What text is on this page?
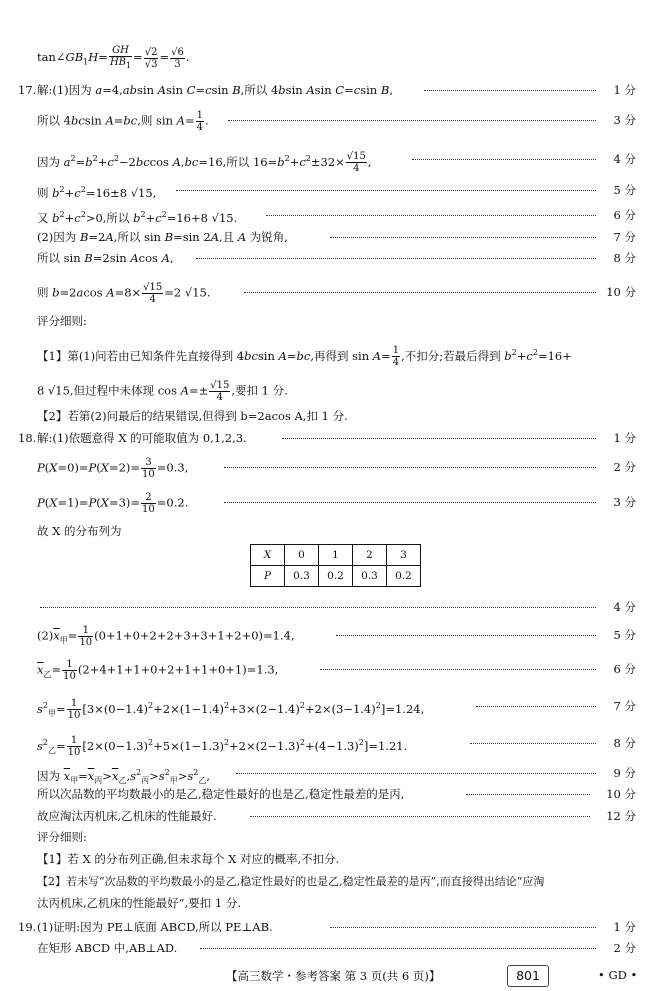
$\tan\angle GB_1H= \frac{GH}{HB_1} = \frac{√2}{√3} = \frac{√6}{3}$ .
17. 解:(1)因为 a=4,absin Asin C=csin B,所以 4bsin Asin C=csin B,	1 分
所以 4bcsin A=bc,则 $\sin A= \frac{1}{4}$ .	3 分
因为 $a^2=b^2+c^2-2bccos$ A,bc=16,所以 $16=b^2+c^2\pm 32\times \frac{√15}{4}$ ,	4 分
则 $b^2+c^2=16\pm 8$ √15,	5 分
又 $b^2+c^2>0$,所以 $b^2+c^2=16+8$ √15.	6 分
(2)因为 B=2A,所以 sin B=sin 2A,且 A 为锐角,	7 分
所以 sin B=2sin Acos A,	8 分
则 b=2acos $A=8\times \frac{√15}{4} =2$ √15.	10 分
评分细则:
【1】第(1)问若由已知条件先直接得到 4bcsin A=bc,再得到 $\sin A= \frac{1}{4}$ ,不扣分;若最后得到 $b^2+c^2=16+$
8 √15,但过程中未体现 $\cos A=\pm \frac{√15}{4}$ ,要扣 1 分.
【2】若第(2)问最后的结果错误,但得到 b=2acos A,扣 1 分.
18. 解:(1)依题意得 X 的可能取值为 0,1,2,3.	1 分
$P(X=0)=P(X=2)= \frac{3}{10} =0.3$,	2 分
$P(X=1)=P(X=3)= \frac{2}{10} =0.2$.	3 分
故 X 的分布列为
X	0	1	2	3
P	0.3	0.2	0.3	0.2
4 分
$(2)\overline{x}_甲= \frac{1}{10} (0+1+0+2+2+3+3+1+2+0)=1.4$,	5 分
$\overline{x}_乙= \frac{1}{10} (2+4+1+1+0+2+1+1+0+1)=1.3$,	6 分
$s^2_甲= \frac{1}{10} [3\times(0-1.4)^2+2\times(1-1.4)^2+3\times(2-1.4)^2+2\times(3-1.4)^2]=1.24$,	7 分
$s^2_乙= \frac{1}{10} [2\times(0-1.3)^2+5\times(1-1.3)^2+2\times(2-1.3)^2+(4-1.3)^2]=1.21$.	8 分
因为 $\overline{x}_甲=\overline{x}_丙>\overline{x}_乙,s^2_丙>s^2_甲>s^2_乙$,	9 分
所以次品数的平均数最小的是乙,稳定性最好的也是乙,稳定性最差的是丙,	10 分
故应淘汰丙机床,乙机床的性能最好.	12 分
评分细则:
【1】若 X 的分布列正确,但未求每个 X 对应的概率,不扣分.
【2】若未写“次品数的平均数最小的是乙,稳定性最好的也是乙,稳定性最差的是丙”,而直接得出结论“应淘
汰丙机床,乙机床的性能最好”,要扣 1 分.
19. (1)证明:因为 PE⊥底面 ABCD,所以 PE⊥AB.	1 分
在矩形 ABCD 中,AB⊥AD.	2 分
【高三数学・参考答案 第 3 页(共 6 页)】	801	• GD •
